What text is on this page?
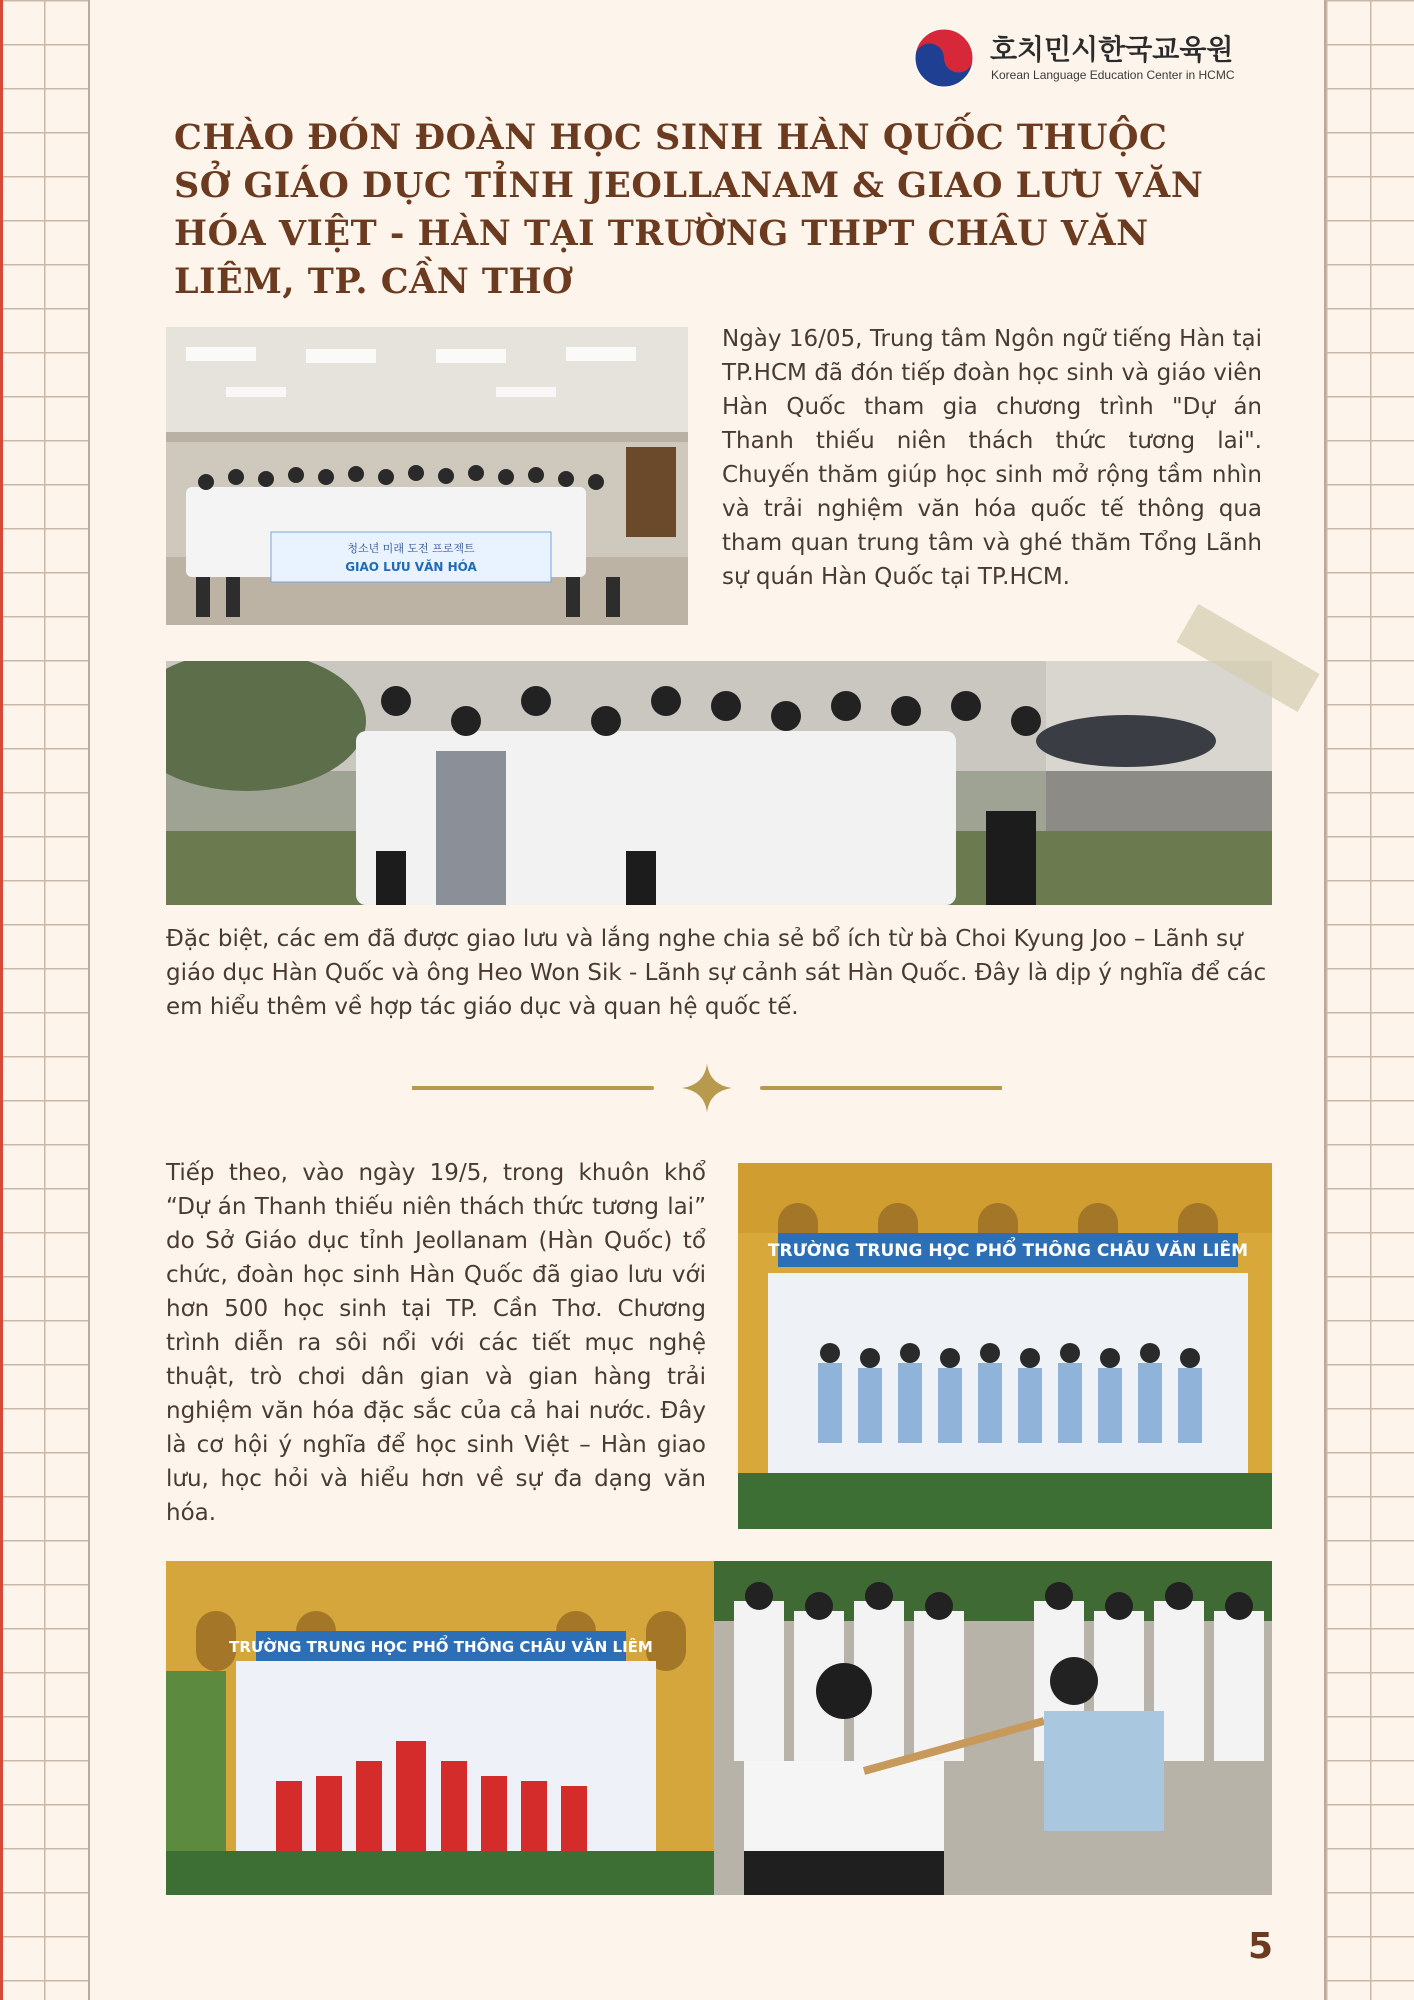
호치민시한국교육원
Korean Language Education Center in HCMC
CHÀO ĐÓN ĐOÀN HỌC SINH HÀN QUỐC THUỘC SỞ GIÁO DỤC TỈNH JEOLLANAM & GIAO LƯU VĂN HÓA VIỆT - HÀN TẠI TRƯỜNG THPT CHÂU VĂN LIÊM, TP. CẦN THƠ
청소년 미래 도전 프로젝트
GIAO LƯU VĂN HÓA

Ngày 16/05, Trung tâm Ngôn ngữ tiếng Hàn tại TP.HCM đã đón tiếp đoàn học sinh và giáo viên Hàn Quốc tham gia chương trình "Dự án Thanh thiếu niên thách thức tương lai". Chuyến thăm giúp học sinh mở rộng tầm nhìn và trải nghiệm văn hóa quốc tế thông qua tham quan trung tâm và ghé thăm Tổng Lãnh sự quán Hàn Quốc tại TP.HCM.

Đặc biệt, các em đã được giao lưu và lắng nghe chia sẻ bổ ích từ bà Choi Kyung Joo – Lãnh sự giáo dục Hàn Quốc và ông Heo Won Sik - Lãnh sự cảnh sát Hàn Quốc. Đây là dịp ý nghĩa để các em hiểu thêm về hợp tác giáo dục và quan hệ quốc tế.

Tiếp theo, vào ngày 19/5, trong khuôn khổ “Dự án Thanh thiếu niên thách thức tương lai” do Sở Giáo dục tỉnh Jeollanam (Hàn Quốc) tổ chức, đoàn học sinh Hàn Quốc đã giao lưu với hơn 500 học sinh tại TP. Cần Thơ. Chương trình diễn ra sôi nổi với các tiết mục nghệ thuật, trò chơi dân gian và gian hàng trải nghiệm văn hóa đặc sắc của cả hai nước. Đây là cơ hội ý nghĩa để học sinh Việt – Hàn giao lưu, học hỏi và hiểu hơn về sự đa dạng văn hóa.

TRƯỜNG TRUNG HỌC PHỔ THÔNG CHÂU VĂN LIÊM
TRƯỜNG TRUNG HỌC PHỔ THÔNG CHÂU VĂN LIÊM
5
